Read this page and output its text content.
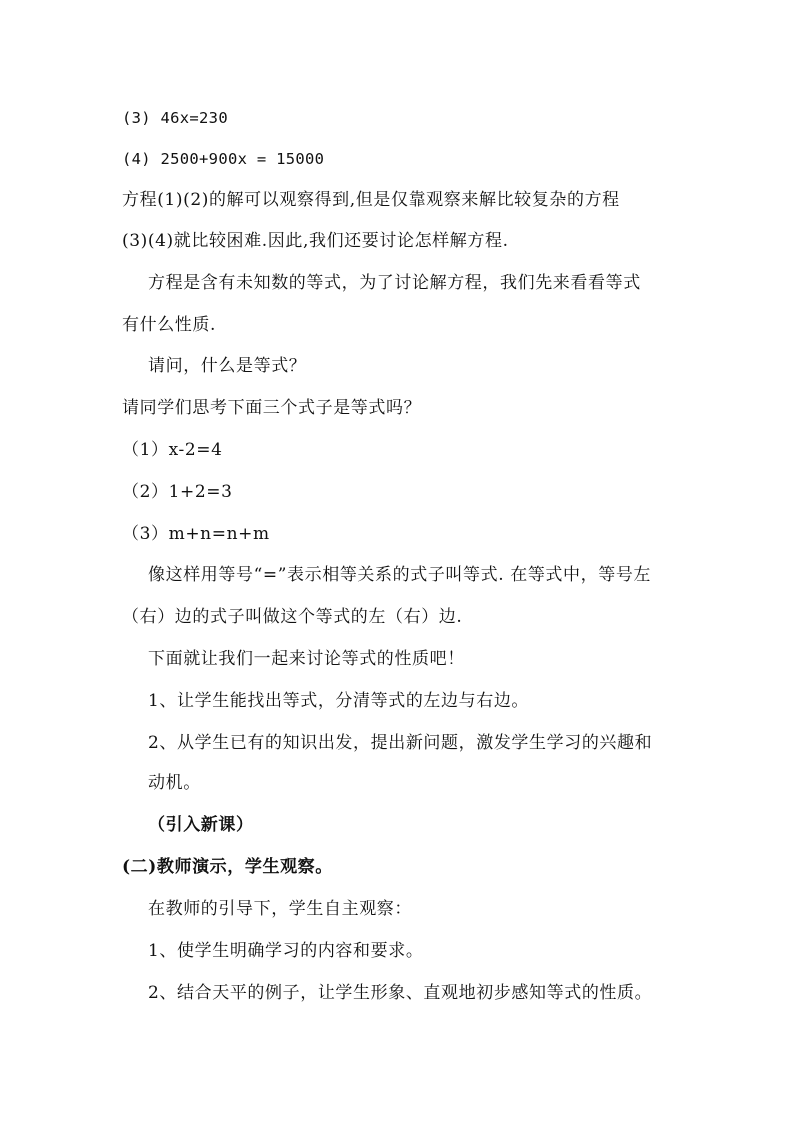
(3) 46x=230
(4) 2500+900x = 15000
方程(1)(2)的解可以观察得到,但是仅靠观察来解比较复杂的方程
(3)(4)就比较困难.因此,我们还要讨论怎样解方程.
方程是含有未知数的等式，为了讨论解方程，我们先来看看等式
有什么性质.
请问，什么是等式？
请同学们思考下面三个式子是等式吗？
（1）x-2=4
（2）1+2=3
（3）m+n=n+m
像这样用等号“=”表示相等关系的式子叫等式. 在等式中，等号左
（右）边的式子叫做这个等式的左（右）边.
下面就让我们一起来讨论等式的性质吧！
1、让学生能找出等式，分清等式的左边与右边。
2、从学生已有的知识出发，提出新问题，激发学生学习的兴趣和
动机。
（引入新课）
(二)教师演示，学生观察。
在教师的引导下，学生自主观察：
1、使学生明确学习的内容和要求。
2、结合天平的例子，让学生形象、直观地初步感知等式的性质。
